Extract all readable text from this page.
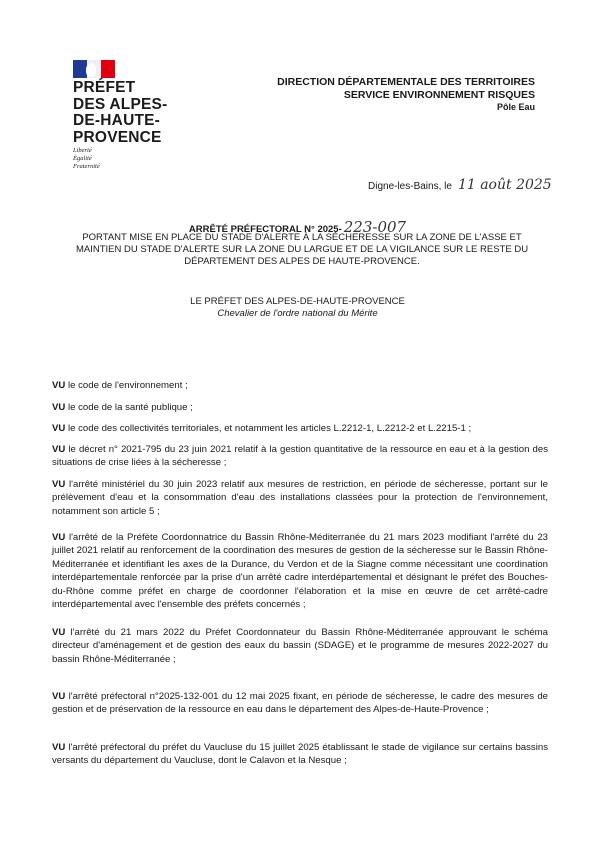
PRÉFET
DES ALPES-
DE-HAUTE-
PROVENCE
Liberté
Égalité
Fraternité
DIRECTION DÉPARTEMENTALE DES TERRITOIRES
SERVICE ENVIRONNEMENT RISQUES
Pôle Eau
Digne-les-Bains, le 11 août 2025
ARRÊTÉ PRÉFECTORAL N° 2025- 223-007
PORTANT MISE EN PLACE DU STADE D'ALERTE À LA SÉCHERESSE SUR LA ZONE DE L'ASSE ET MAINTIEN DU STADE D'ALERTE SUR LA ZONE DU LARGUE ET DE LA VIGILANCE SUR LE RESTE DU DÉPARTEMENT DES ALPES DE HAUTE-PROVENCE.
LE PRÉFET DES ALPES-DE-HAUTE-PROVENCE
Chevalier de l'ordre national du Mérite
VU le code de l'environnement ;
VU le code de la santé publique ;
VU le code des collectivités territoriales, et notamment les articles L.2212-1, L.2212-2 et L.2215-1 ;
VU le décret n° 2021-795 du 23 juin 2021 relatif à la gestion quantitative de la ressource en eau et à la gestion des situations de crise liées à la sécheresse ;
VU l'arrêté ministériel du 30 juin 2023 relatif aux mesures de restriction, en période de sécheresse, portant sur le prélèvement d'eau et la consommation d'eau des installations classées pour la protection de l'environnement, notamment son article 5 ;
VU l'arrêté de la Préfète Coordonnatrice du Bassin Rhône-Méditerranée du 21 mars 2023 modifiant l'arrêté du 23 juillet 2021 relatif au renforcement de la coordination des mesures de gestion de la sécheresse sur le Bassin Rhône-Méditerranée et identifiant les axes de la Durance, du Verdon et de la Siagne comme nécessitant une coordination interdépartementale renforcée par la prise d'un arrêté cadre interdépartemental et désignant le préfet des Bouches-du-Rhône comme préfet en charge de coordonner l'élaboration et la mise en œuvre de cet arrêté-cadre interdépartemental avec l'ensemble des préfets concernés ;
VU l'arrêté du 21 mars 2022 du Préfet Coordonnateur du Bassin Rhône-Méditerranée approuvant le schéma directeur d'aménagement et de gestion des eaux du bassin (SDAGE) et le programme de mesures 2022-2027 du bassin Rhône-Méditerranée ;
VU l'arrêté préfectoral n°2025-132-001 du 12 mai 2025 fixant, en période de sécheresse, le cadre des mesures de gestion et de préservation de la ressource en eau dans le département des Alpes-de-Haute-Provence ;
VU l'arrêté préfectoral du préfet du Vaucluse du 15 juillet 2025 établissant le stade de vigilance sur certains bassins versants du département du Vaucluse, dont le Calavon et la Nesque ;
